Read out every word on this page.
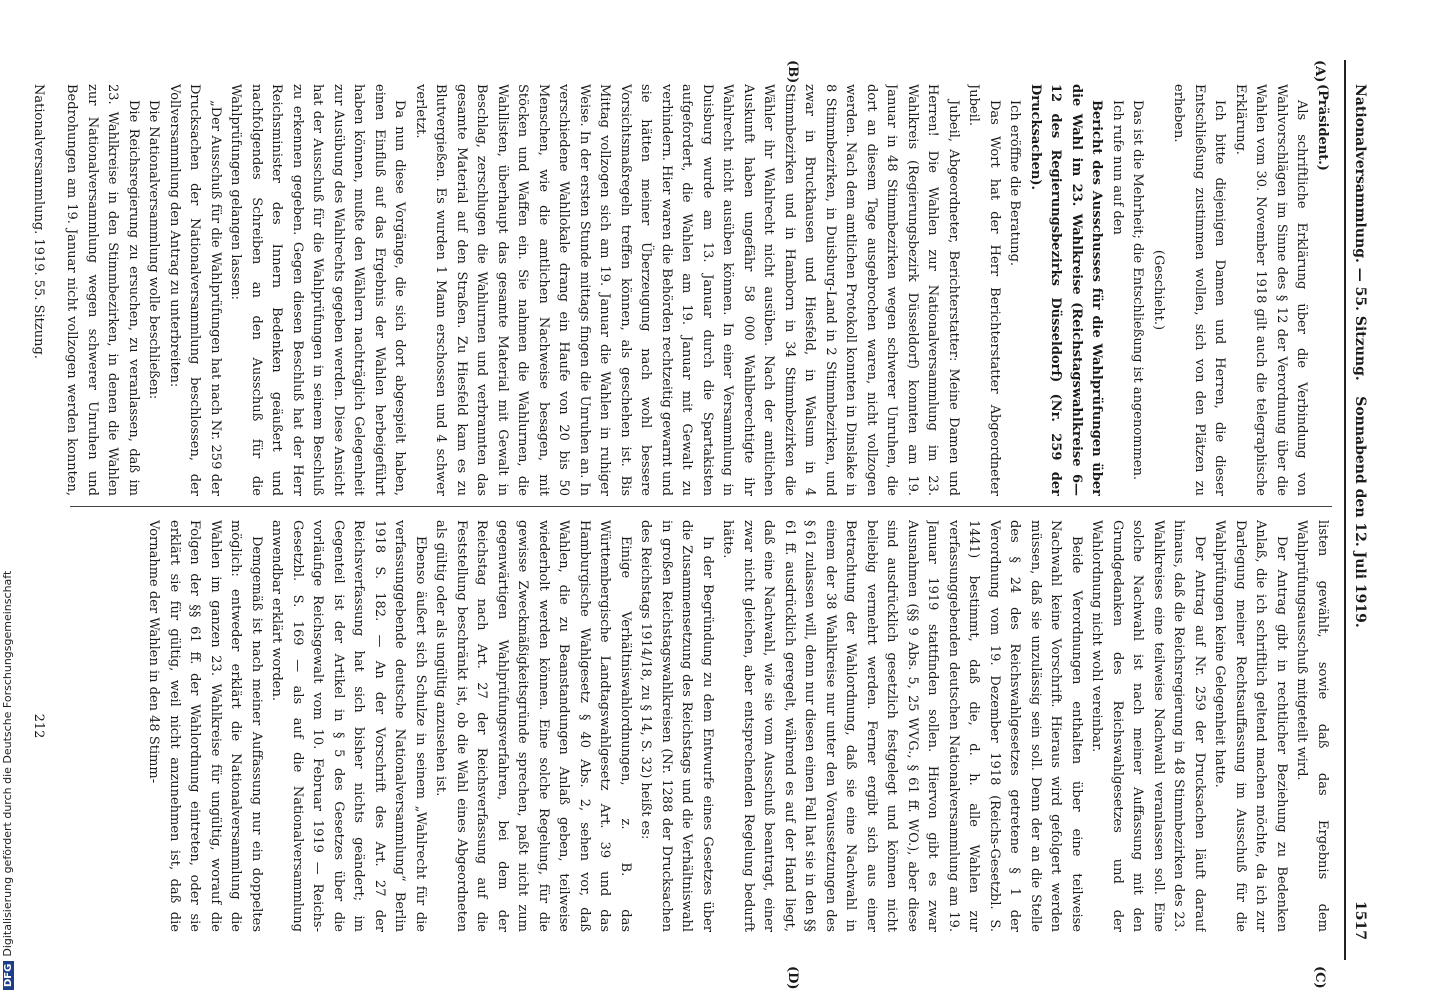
Nationalversammlung. — 55. Sitzung.
Sonnabend den 12. Juli 1919.
1517
(A)
(B)
(C)
(D)

(Präsident.)

Als schriftliche Erklärung über die Verbindung von Wahlvorschlägen im Sinne des § 12 der Verordnung über die Wahlen vom 30. November 1918 gilt auch die telegraphische Erklärung.

Ich bitte diejenigen Damen und Herren, die dieser Entschließung zustimmen wollen, sich von den Plätzen zu erheben.

(Geschieht.)

Das ist die Mehrheit; die Entschließung ist angenommen.

Ich rufe nun auf den

Bericht des Ausschusses für die Wahlprüfungen über die Wahl im 23. Wahlkreise (Reichstagswahlkreise 6—12 des Regierungsbezirks Düsseldorf) (Nr. 259 der Drucksachen).

Ich eröffne die Beratung.

Das Wort hat der Herr Berichterstatter Abgeordneter Jubeil.

Jubeil, Abgeordneter, Berichterstatter: Meine Damen und Herren! Die Wahlen zur Nationalversammlung im 23. Wahlkreis (Regierungsbezirk Düsseldorf) konnten am 19. Januar in 48 Stimmbezirken wegen schwerer Unruhen, die dort an diesem Tage ausgebrochen waren, nicht vollzogen werden. Nach dem amtlichen Protokoll konnten in Dinslake in 8 Stimmbezirken, in Duisburg-Land in 2 Stimmbezirken, und zwar in Bruckhausen und Hiesfeld, in Walsum in 4 Stimmbezirken und in Hamborn in 34 Stimmbezirken die Wähler ihr Wahlrecht nicht ausüben. Nach der amtlichen Auskunft haben ungefähr 58 000 Wahlberechtigte ihr Wahlrecht nicht ausüben können. In einer Versammlung in Duisburg wurde am 13. Januar durch die Spartakisten aufgefordert, die Wahlen am 19. Januar mit Gewalt zu verhindern. Hier waren die Behörden rechtzeitig gewarnt und sie hätten meiner Überzeugung nach wohl bessere Vorsichtsmaßregeln treffen können, als geschehen ist. Bis Mittag vollzogen sich am 19. Januar die Wahlen in ruhiger Weise. In der ersten Stunde mittags fingen die Unruhen an. In verschiedene Wahllokale drang ein Haufe von 20 bis 50 Menschen, wie die amtlichen Nachweise besagen, mit Stöcken und Waffen ein. Sie nahmen die Wahlurnen, die Wahllisten, überhaupt das gesamte Material mit Gewalt in Beschlag, zerschlugen die Wahlurnen und verbrannten das gesamte Material auf den Straßen. Zu Hiesfeld kam es zu Blutvergießen. Es wurden 1 Mann erschossen und 4 schwer verletzt.

Da nun diese Vorgänge, die sich dort abgespielt haben, einen Einfluß auf das Ergebnis der Wahlen herbeigeführt haben können, mußte den Wählern nachträglich Gelegenheit zur Ausübung des Wahlrechts gegeben werden. Diese Ansicht hat der Ausschuß für die Wahlprüfungen in seinem Beschluß zu erkennen gegeben. Gegen diesen Beschluß hat der Herr Reichsminister des Innern Bedenken geäußert und nachfolgendes Schreiben an den Ausschuß für die Wahlprüfungen gelangen lassen:

„Der Ausschuß für die Wahlprüfungen hat nach Nr. 259 der Drucksachen der Nationalversammlung beschlossen, der Vollversammlung den Antrag zu unterbreiten:

Die Nationalversammlung wolle beschließen:

Die Reichsregierung zu ersuchen, zu veranlassen, daß im 23. Wahlkreise in den Stimmbezirken, in denen die Wahlen zur Nationalversammlung wegen schwerer Unruhen und Bedrohungen am 19. Januar nicht vollzogen werden konnten,

listen gewählt, sowie daß das Ergebnis dem Wahlprüfungsausschuß mitgeteilt wird.

Der Antrag gibt in rechtlicher Beziehung zu Bedenken Anlaß, die ich schriftlich geltend machen möchte, da ich zur Darlegung meiner Rechtsauffassung im Ausschuß für die Wahlprüfungen keine Gelegenheit hatte.

Der Antrag auf Nr. 259 der Drucksachen läuft darauf hinaus, daß die Reichsregierung in 48 Stimmbezirken des 23. Wahlkreises eine teilweise Nachwahl veranlassen soll. Eine solche Nachwahl ist nach meiner Auffassung mit den Grundgedanken des Reichswahlgesetzes und der Wahlordnung nicht wohl vereinbar.

Beide Verordnungen enthalten über eine teilweise Nachwahl keine Vorschrift. Hieraus wird gefolgert werden müssen, daß sie unzulässig sein soll. Denn der an die Stelle des § 24 des Reichswahlgesetzes getretene § 1 der Verordnung vom 19. Dezember 1918 (Reichs-Gesetzbl. S. 1441) bestimmt, daß die, d. h. alle Wahlen zur verfassunggebenden deutschen Nationalversammlung am 19. Januar 1919 stattfinden sollen. Hiervon gibt es zwar Ausnahmen (§§ 9 Abs. 5, 25 WVG., § 61 ff. WO.), aber diese sind ausdrücklich gesetzlich festgelegt und können nicht beliebig vermehrt werden. Ferner ergibt sich aus einer Betrachtung der Wahlordnung, daß sie eine Nachwahl in einem der 38 Wahlkreise nur unter den Voraussetzungen des § 61 zulassen will, denn nur diesen einen Fall hat sie in den §§ 61 ff. ausdrücklich geregelt, während es auf der Hand liegt, daß eine Nachwahl, wie sie vom Ausschuß beantragt, einer zwar nicht gleichen, aber entsprechenden Regelung bedurft hätte.

In der Begründung zu dem Entwurfe eines Gesetzes über die Zusammensetzung des Reichstags und die Verhältniswahl in großen Reichstagswahlkreisen (Nr. 1288 der Drucksachen des Reichstags 1914/18, zu § 14, S. 32) heißt es:

Einige Verhältniswahlordnungen, z. B. das Württembergische Landtagswahlgesetz Art. 39 und das Hamburgische Wahlgesetz § 40 Abs. 2, sehen vor, daß Wahlen, die zu Beanstandungen Anlaß geben, teilweise wiederholt werden können. Eine solche Regelung, für die gewisse Zweckmäßigkeitsgründe sprechen, paßt nicht zum gegenwärtigen Wahlprüfungsverfahren, bei dem der Reichstag nach Art. 27 der Reichsverfassung auf die Feststellung beschränkt ist, ob die Wahl eines Abgeordneten als gültig oder als ungültig anzusehen ist.

Ebenso äußert sich Schulze in seinem „Wahlrecht für die verfassunggebende deutsche Nationalversammlung“ Berlin 1918 S. 182. — An der Vorschrift des Art. 27 der Reichsverfassung hat sich bisher nichts geändert; im Gegenteil ist der Artikel in § 5 des Gesetzes über die vorläufige Reichsgewalt vom 10. Februar 1919 — Reichs-Gesetzbl. S. 169 — als auf die Nationalversammlung anwendbar erklärt worden.

Demgemäß ist nach meiner Auffassung nur ein doppeltes möglich: entweder erklärt die Nationalversammlung die Wahlen im ganzen 23. Wahlkreise für ungültig, worauf die Folgen der §§ 61 ff. der Wahlordnung eintreten, oder sie erklärt sie für gültig, weil nicht anzunehmen ist, daß die Vornahme der Wahlen in den 48 Stimm-

Nationalversammlung. 1919. 55. Sitzung.
212
DFGDigitalisierung gefördert durch die Deutsche Forschungsgemeinschaft
